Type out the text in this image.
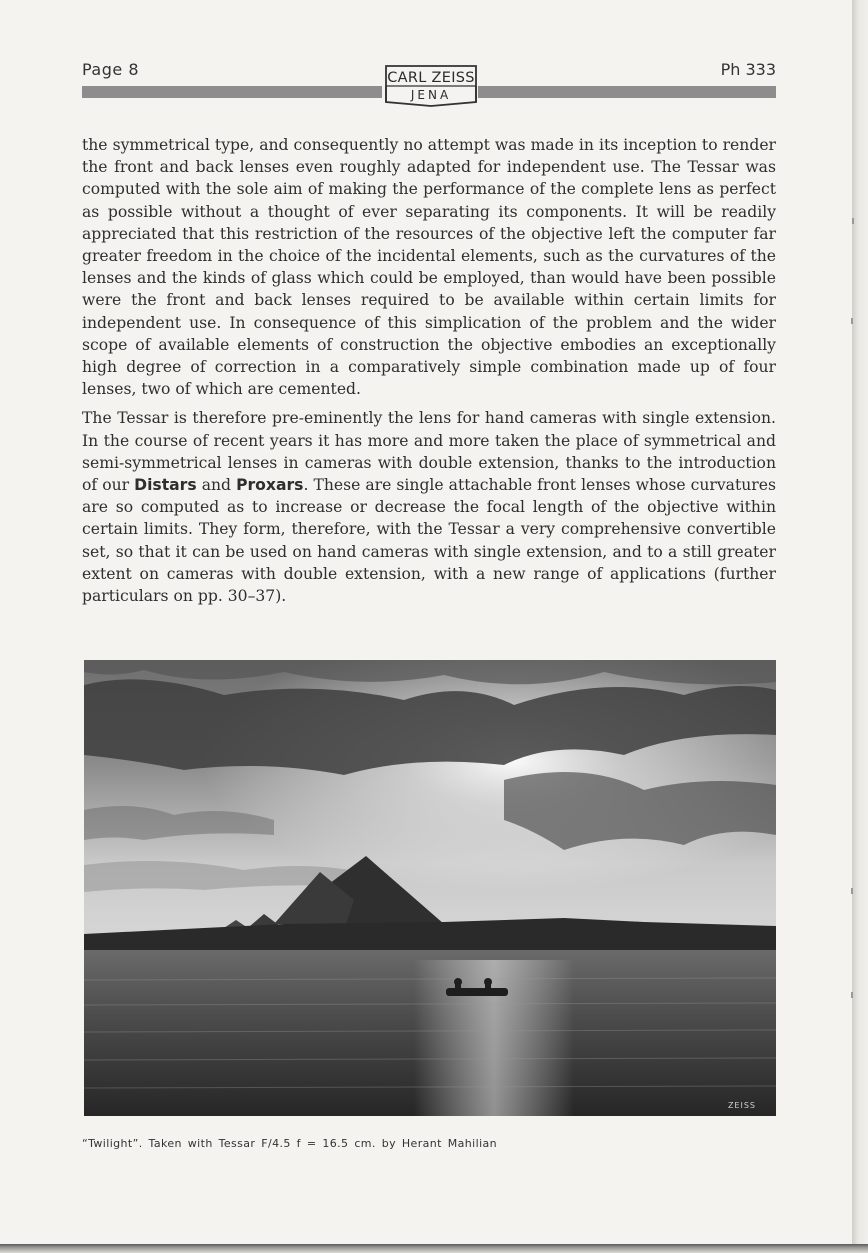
Page 8	Ph 333
CARL ZEISS
JENA

the symmetrical type, and consequently no attempt was made in its inception to render the front and back lenses even roughly adapted for independent use. The Tessar was computed with the sole aim of making the performance of the complete lens as perfect as possible without a thought of ever separating its components. It will be readily appreciated that this restriction of the resources of the objective left the computer far greater freedom in the choice of the incidental elements, such as the curvatures of the lenses and the kinds of glass which could be employed, than would have been possible were the front and back lenses required to be available within certain limits for independent use. In consequence of this simplication of the problem and the wider scope of available elements of construction the objective embodies an exceptionally high degree of correction in a comparatively simple combination made up of four lenses, two of which are cemented.

The Tessar is therefore pre-eminently the lens for hand cameras with single extension. In the course of recent years it has more and more taken the place of symmetrical and semi-symmetrical lenses in cameras with double extension, thanks to the introduction of our Distars and Proxars. These are single attachable front lenses whose curvatures are so computed as to increase or decrease the focal length of the objective within certain limits. They form, therefore, with the Tessar a very comprehensive convertible set, so that it can be used on hand cameras with single extension, and to a still greater extent on cameras with double extension, with a new range of applications (further particulars on pp. 30–37).

ZEISS
“Twilight”. Taken with Tessar F/4.5 f = 16.5 cm. by Herant Mahilian
